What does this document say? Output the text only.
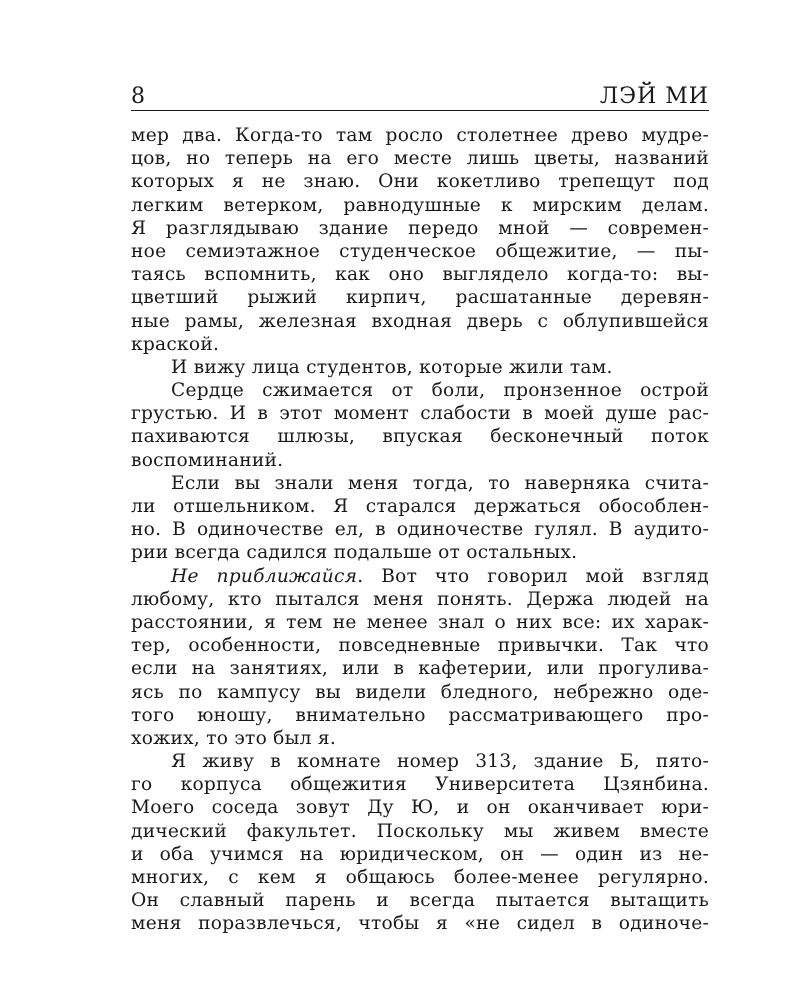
8	ЛЭЙ МИ
мер два. Когда-то там росло столетнее древо мудре-
цов, но теперь на его месте лишь цветы, названий
которых я не знаю. Они кокетливо трепещут под
легким ветерком, равнодушные к мирским делам.
Я разглядываю здание передо мной — современ-
ное семиэтажное студенческое общежитие, — пы-
таясь вспомнить, как оно выглядело когда-то: вы-
цветший рыжий кирпич, расшатанные деревян-
ные рамы, железная входная дверь с облупившейся
краской.
И вижу лица студентов, которые жили там.
Сердце сжимается от боли, пронзенное острой
грустью. И в этот момент слабости в моей душе рас-
пахиваются шлюзы, впуская бесконечный поток
воспоминаний.
Если вы знали меня тогда, то наверняка счита-
ли отшельником. Я старался держаться обособлен-
но. В одиночестве ел, в одиночестве гулял. В аудито-
рии всегда садился подальше от остальных.
Не приближайся. Вот что говорил мой взгляд
любому, кто пытался меня понять. Держа людей на
расстоянии, я тем не менее знал о них все: их харак-
тер, особенности, повседневные привычки. Так что
если на занятиях, или в кафетерии, или прогулива-
ясь по кампусу вы видели бледного, небрежно оде-
того юношу, внимательно рассматривающего про-
хожих, то это был я.
Я живу в комнате номер 313, здание Б, пято-
го корпуса общежития Университета Цзянбина.
Моего соседа зовут Ду Ю, и он оканчивает юри-
дический факультет. Поскольку мы живем вместе
и оба учимся на юридическом, он — один из не-
многих, с кем я общаюсь более-менее регулярно.
Он славный парень и всегда пытается вытащить
меня поразвлечься, чтобы я «не сидел в одиноче-
